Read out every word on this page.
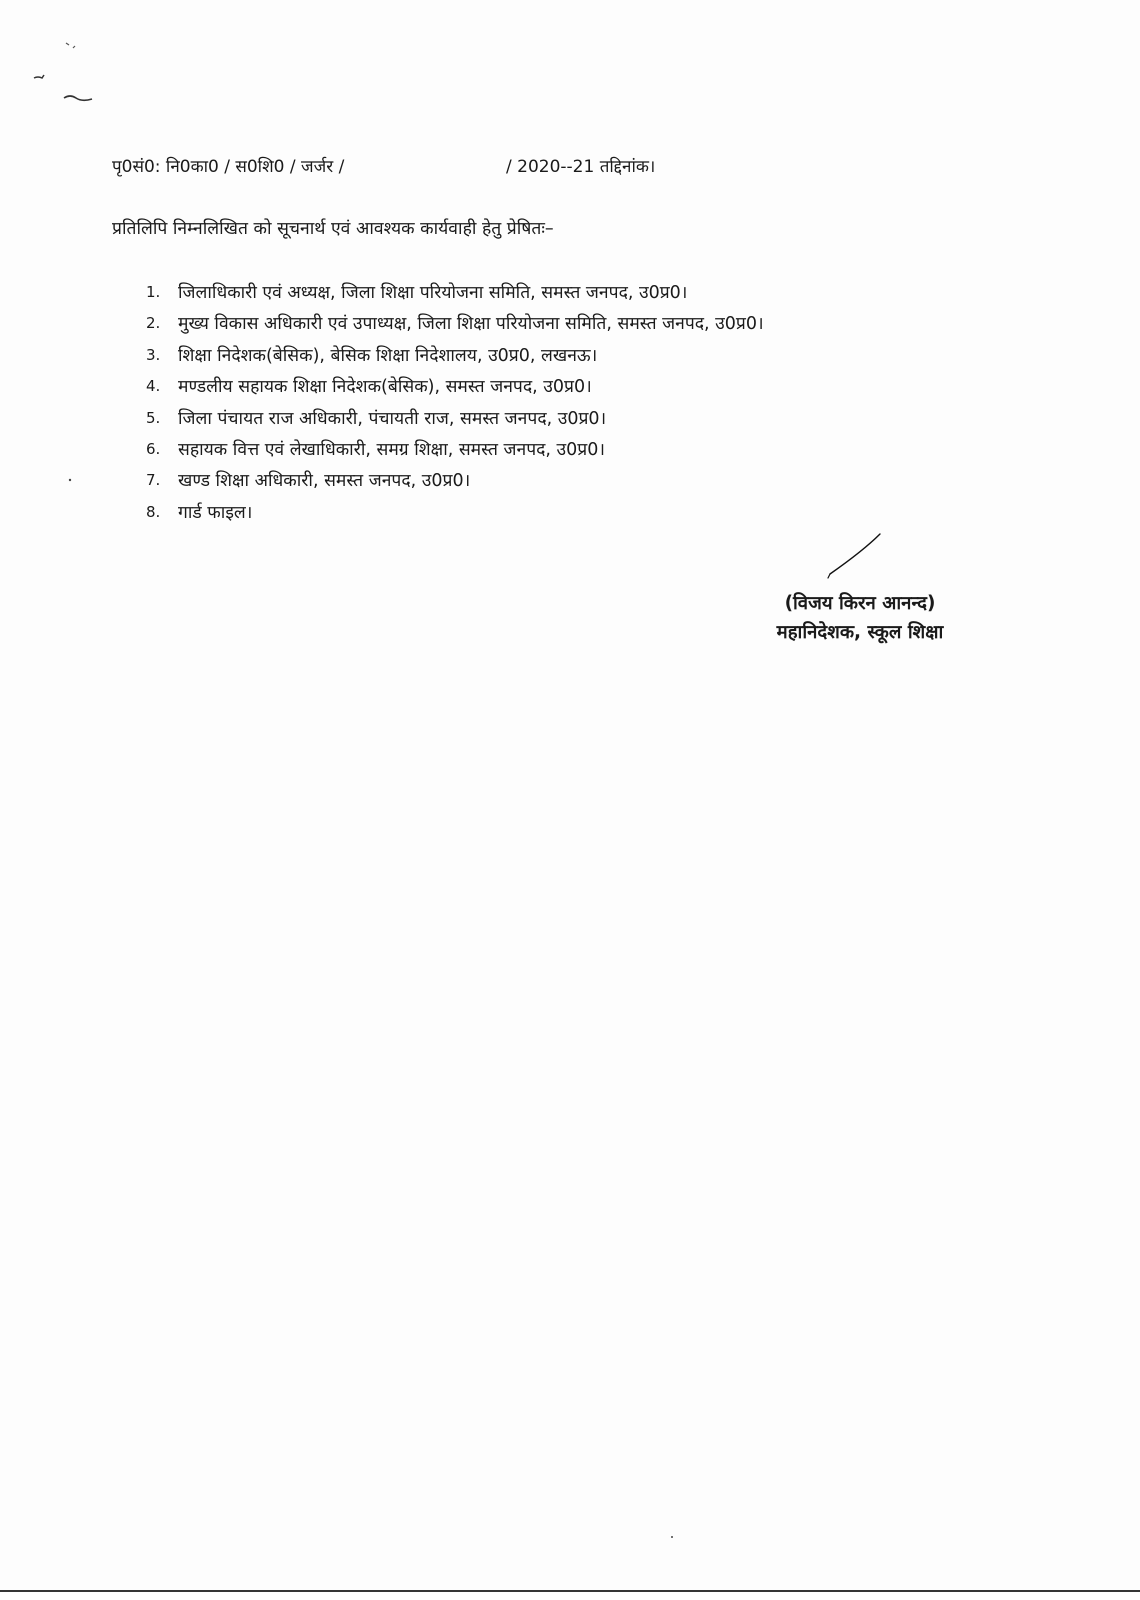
पृ0सं0: नि0का0 / स0शि0 / जर्जर /	/ 2020--21 तद्दिनांक।
प्रतिलिपि निम्नलिखित को सूचनार्थ एवं आवश्यक कार्यवाही हेतु प्रेषितः–
1.	जिलाधिकारी एवं अध्यक्ष, जिला शिक्षा परियोजना समिति, समस्त जनपद, उ0प्र0।
2.	मुख्य विकास अधिकारी एवं उपाध्यक्ष, जिला शिक्षा परियोजना समिति, समस्त जनपद, उ0प्र0।
3.	शिक्षा निदेशक(बेसिक), बेसिक शिक्षा निदेशालय, उ0प्र0, लखनऊ।
4.	मण्डलीय सहायक शिक्षा निदेशक(बेसिक), समस्त जनपद, उ0प्र0।
5.	जिला पंचायत राज अधिकारी, पंचायती राज, समस्त जनपद, उ0प्र0।
6.	सहायक वित्त एवं लेखाधिकारी, समग्र शिक्षा, समस्त जनपद, उ0प्र0।
7.	खण्ड शिक्षा अधिकारी, समस्त जनपद, उ0प्र0।
8.	गार्ड फाइल।
(विजय किरन आनन्द)
महानिदेशक, स्कूल शिक्षा
